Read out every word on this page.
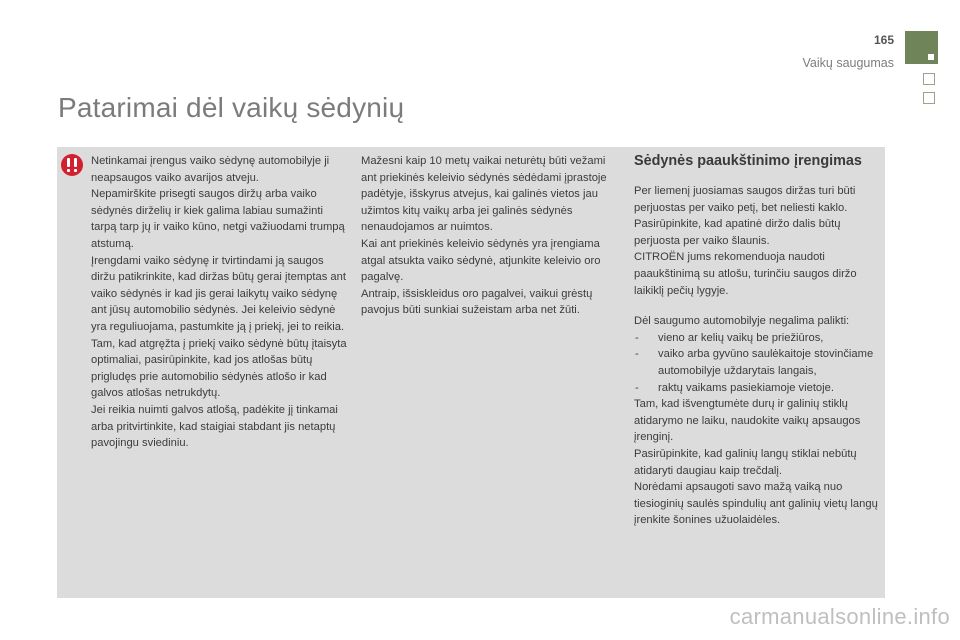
165
Vaikų saugumas
Patarimai dėl vaikų sėdynių

Netinkamai įrengus vaiko sėdynę automobilyje ji neapsaugos vaiko avarijos atveju.

Nepamirškite prisegti saugos diržų arba vaiko sėdynės dirželių ir kiek galima labiau sumažinti tarpą tarp jų ir vaiko kūno, netgi važiuodami trumpą atstumą.

Įrengdami vaiko sėdynę ir tvirtindami ją saugos diržu patikrinkite, kad diržas būtų gerai įtemptas ant vaiko sėdynės ir kad jis gerai laikytų vaiko sėdynę ant jūsų automobilio sėdynės. Jei keleivio sėdynė yra reguliuojama, pastumkite ją į priekį, jei to reikia.

Tam, kad atgręžta į priekį vaiko sėdynė būtų įtaisyta optimaliai, pasirūpinkite, kad jos atlošas būtų prigludęs prie automobilio sėdynės atlošo ir kad galvos atlošas netrukdytų.

Jei reikia nuimti galvos atlošą, padėkite jį tinkamai arba pritvirtinkite, kad staigiai stabdant jis netaptų pavojingu sviediniu.

Mažesni kaip 10 metų vaikai neturėtų būti vežami ant priekinės keleivio sėdynės sėdėdami įprastoje padėtyje, išskyrus atvejus, kai galinės vietos jau užimtos kitų vaikų arba jei galinės sėdynės nenaudojamos ar nuimtos.

Kai ant priekinės keleivio sėdynės yra įrengiama atgal atsukta vaiko sėdynė, atjunkite keleivio oro pagalvę.

Antraip, išsiskleidus oro pagalvei, vaikui grėstų pavojus būti sunkiai sužeistam arba net žūti.

Sėdynės paaukštinimo įrengimas

Per liemenį juosiamas saugos diržas turi būti perjuostas per vaiko petį, bet neliesti kaklo.

Pasirūpinkite, kad apatinė diržo dalis būtų perjuosta per vaiko šlaunis.

CITROËN jums rekomenduoja naudoti paaukštinimą su atlošu, turinčiu saugos diržo laikiklį pečių lygyje.

Dėl saugumo automobilyje negalima palikti:

- vieno ar kelių vaikų be priežiūros,
- vaiko arba gyvūno saulėkaitoje stovinčiame automobilyje uždarytais langais,
- raktų vaikams pasiekiamoje vietoje.

Tam, kad išvengtumėte durų ir galinių stiklų atidarymo ne laiku, naudokite vaikų apsaugos įrenginį.

Pasirūpinkite, kad galinių langų stiklai nebūtų atidaryti daugiau kaip trečdalį.

Norėdami apsaugoti savo mažą vaiką nuo tiesioginių saulės spindulių ant galinių vietų langų įrenkite šonines užuolaidėles.

carmanualsonline.info
